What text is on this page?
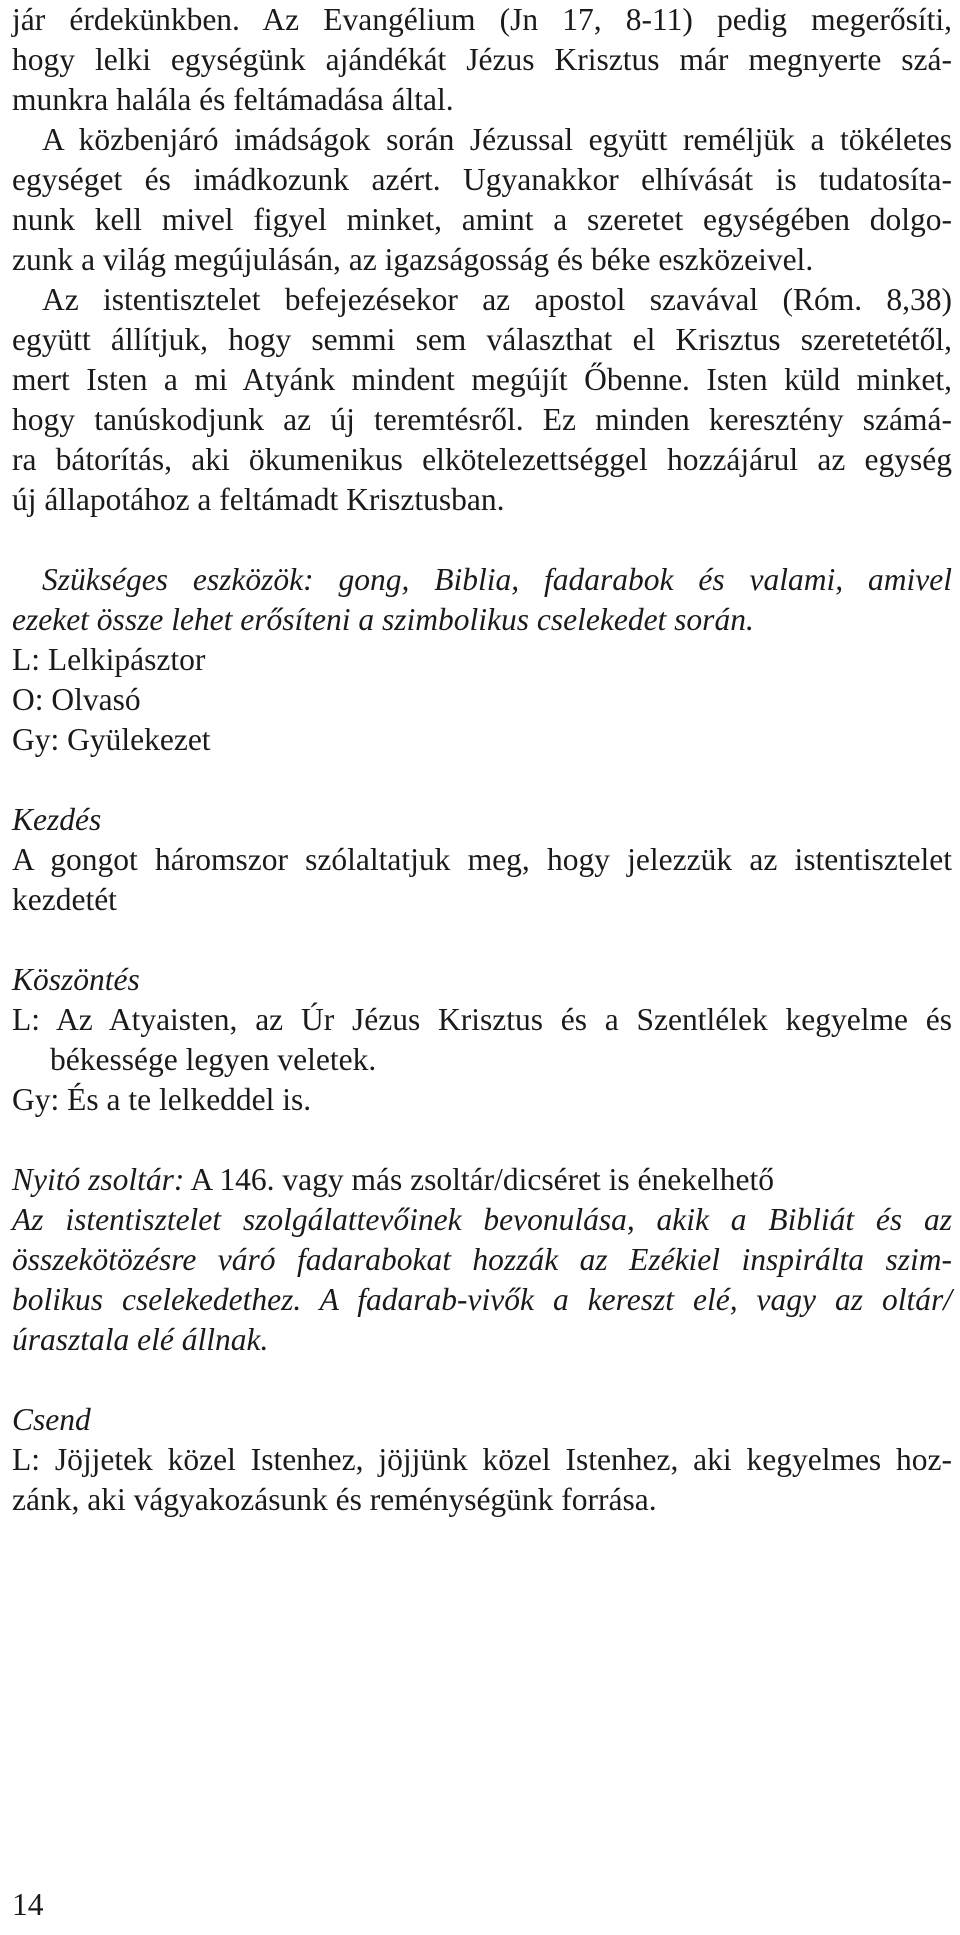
jár érdekünkben. Az Evangélium (Jn 17, 8-11) pedig megerősíti,
hogy lelki egységünk ajándékát Jézus Krisztus már megnyerte szá-
munkra halála és feltámadása által.
A közbenjáró imádságok során Jézussal együtt reméljük a tökéletes
egységet és imádkozunk azért. Ugyanakkor elhívását is tudatosíta-
nunk kell mivel figyel minket, amint a szeretet egységében dolgo-
zunk a világ megújulásán, az igazságosság és béke eszközeivel.
Az istentisztelet befejezésekor az apostol szavával (Róm. 8,38)
együtt állítjuk, hogy semmi sem választhat el Krisztus szeretetétől,
mert Isten a mi Atyánk mindent megújít Őbenne. Isten küld minket,
hogy tanúskodjunk az új teremtésről. Ez minden keresztény számá-
ra bátorítás, aki ökumenikus elkötelezettséggel hozzájárul az egység
új állapotához a feltámadt Krisztusban.
Szükséges eszközök: gong, Biblia, fadarabok és valami, amivel
ezeket össze lehet erősíteni a szimbolikus cselekedet során.
L: Lelkipásztor
O: Olvasó
Gy: Gyülekezet
Kezdés
A gongot háromszor szólaltatjuk meg, hogy jelezzük az istentisztelet
kezdetét
Köszöntés
L: Az Atyaisten, az Úr Jézus Krisztus és a Szentlélek kegyelme és
békessége legyen veletek.
Gy: És a te lelkeddel is.
Nyitó zsoltár: A 146. vagy más zsoltár/dicséret is énekelhető
Az istentisztelet szolgálattevőinek bevonulása, akik a Bibliát és az
összekötözésre váró fadarabokat hozzák az Ezékiel inspirálta szim-
bolikus cselekedethez. A fadarab-vivők a kereszt elé, vagy az oltár/
úrasztala elé állnak.
Csend
L: Jöjjetek közel Istenhez, jöjjünk közel Istenhez, aki kegyelmes hoz-
zánk, aki vágyakozásunk és reménységünk forrása.
14
